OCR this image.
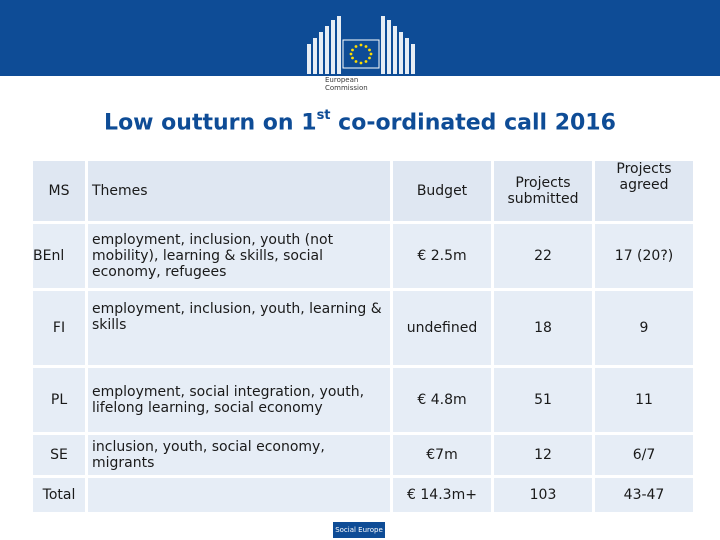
European
Commission
Low outturn on 1st co-ordinated call 2016
MS	Themes	Budget	Projects submitted	Projects agreed
BEnl	employment, inclusion, youth (not mobility), learning & skills, social economy, refugees	€ 2.5m	22	17 (20?)
FI	employment, inclusion, youth, learning & skills	undefined	18	9
PL	employment, social integration, youth, lifelong learning, social economy	€ 4.8m	51	11
SE	inclusion, youth, social economy, migrants	€7m	12	6/7
Total		€ 14.3m+	103	43-47
Social Europe
